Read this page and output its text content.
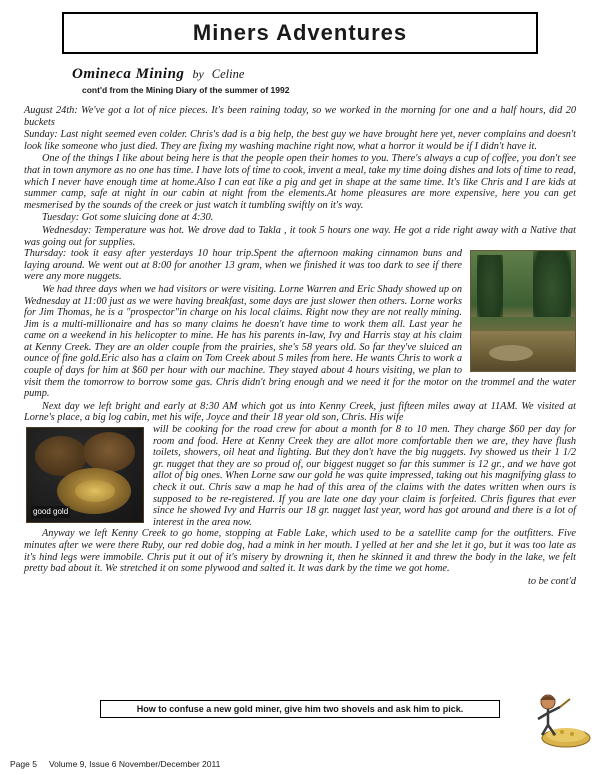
Miners Adventures
Omineca Mining by Celine
cont'd from the Mining Diary of the summer of 1992

August 24th: We've got a lot of nice pieces. It's been raining today, so we worked in the morning for one and a half hours, did 20 buckets

Sunday: Last night seemed even colder. Chris's dad is a big help, the best guy we have brought here yet, never complains and doesn't look like someone who just died. They are fixing my washing machine right now, what a horror it would be if I didn't have it.

One of the things I like about being here is that the people open their homes to you. There's always a cup of coffee, you don't see that in town anymore as no one has time. I have lots of time to cook, invent a meal, take my time doing dishes and lots of time to read, which I never have enough time at home.Also I can eat like a pig and get in shape at the same time. It's like Chris and I are kids at summer camp, safe at night in our cabin at night from the elements.At home pleasures are more expensive, here you can get mesmerised by the sounds of the creek or just watch it tumbling swiftly on it's way.

Tuesday: Got some sluicing done at 4:30.

Wednesday: Temperature was hot. We drove dad to Takla , it took 5 hours one way. He got a ride right away with a Native that was going out for supplies.

Thursday: took it easy after yesterdays 10 hour trip.Spent the afternoon making cinnamon buns and laying around. We went out at 8:00 for another 13 gram, when we finished it was too dark to see if there were any more nuggets.

We had three days when we had visitors or were visiting. Lorne Warren and Eric Shady showed up on Wednesday at 11:00 just as we were having breakfast, some days are just slower then others. Lorne works for Jim Thomas, he is a "prospector"in charge on his local claims. Right now they are not really mining. Jim is a multi-millionaire and has so many claims he doesn't have time to work them all. Last year he came on a weekend in his helicopter to mine. He has his parents in-law, Ivy and Harris stay at his claim at Kenny Creek. They are an older couple from the prairies, she's 58 years old. So far they've sluiced an ounce of fine gold.Eric also has a claim on Tom Creek about 5 miles from here. He wants Chris to work a couple of days for him at $60 per hour with our machine. They stayed about 4 hours visiting, we plan to visit them the tomorrow to borrow some gas. Chris didn't bring enough and we need it for the motor on the trommel and the water pump.

Next day we left bright and early at 8:30 AM which got us into Kenny Creek, just fifteen miles away at 11AM. We visited at Lorne's place, a big log cabin, met his wife, Joyce and their 18 year old son, Chris. His wife

good gold

will be cooking for the road crew for about a month for 8 to 10 men. They charge $60 per day for room and food. Here at Kenny Creek they are allot more comfortable then we are, they have flush toilets, showers, oil heat and lighting. But they don't have the big nuggets. Ivy showed us their 1 1/2 gr. nugget that they are so proud of, our biggest nugget so far this summer is 12 gr., and we have got allot of big ones. When Lorne saw our gold he was quite impressed, taking out his magnifying glass to check it out. Chris saw a map he had of this area of the claims with the dates written when ours is supposed to be re-registered. If you are late one day your claim is forfeited. Chris figures that ever since he showed Ivy and Harris our 18 gr. nugget last year, word has got around and there is a lot of interest in the area now.

Anyway we left Kenny Creek to go home, stopping at Fable Lake, which used to be a satellite camp for the outfitters. Five minutes after we were there Ruby, our red dobie dog, had a mink in her mouth. I yelled at her and she let it go, but it was too late as it's hind legs were immobile. Chris put it out of it's misery by drowning it, then he skinned it and threw the body in the lake, we felt pretty bad about it. We stretched it on some plywood and salted it. It was dark by the time we got home.

to be cont'd

How to confuse a new gold miner, give him two shovels and ask him to pick.
Page 5 Volume 9, Issue 6 November/December 2011
